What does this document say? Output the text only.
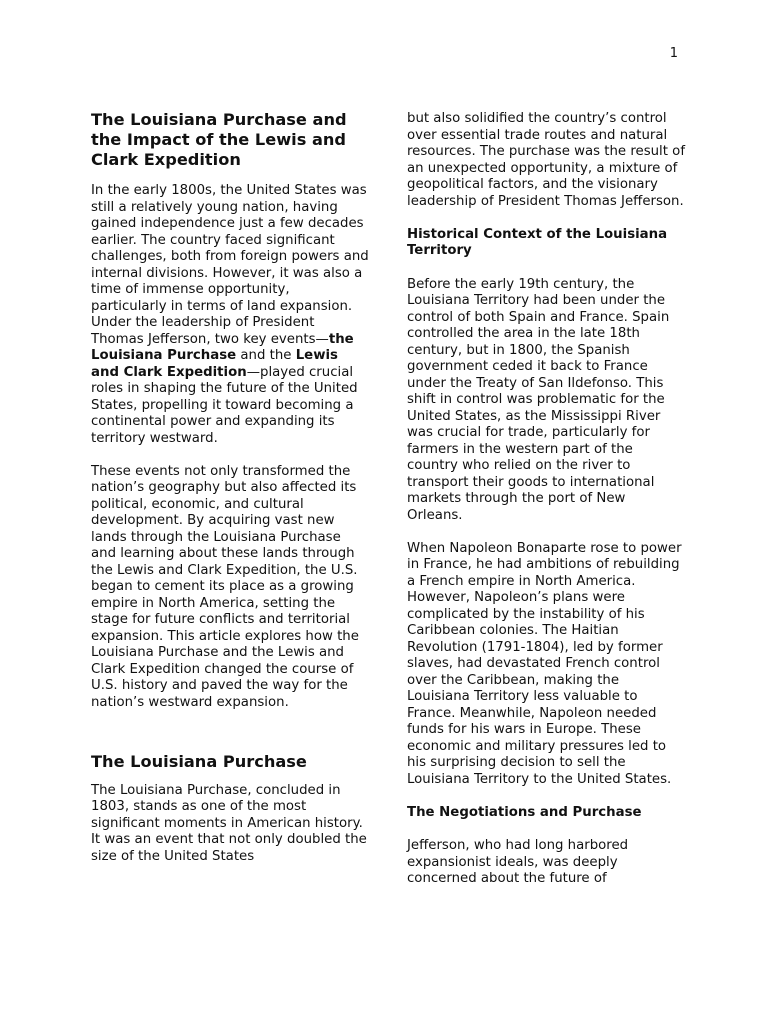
1
The Louisiana Purchase and the Impact of the Lewis and Clark Expedition

In the early 1800s, the United States was still a relatively young nation, having gained independence just a few decades earlier. The country faced significant challenges, both from foreign powers and internal divisions. However, it was also a time of immense opportunity, particularly in terms of land expansion. Under the leadership of President Thomas Jefferson, two key events—the Louisiana Purchase and the Lewis and Clark Expedition—played crucial roles in shaping the future of the United States, propelling it toward becoming a continental power and expanding its territory westward.

These events not only transformed the nation’s geography but also affected its political, economic, and cultural development. By acquiring vast new lands through the Louisiana Purchase and learning about these lands through the Lewis and Clark Expedition, the U.S. began to cement its place as a growing empire in North America, setting the stage for future conflicts and territorial expansion. This article explores how the Louisiana Purchase and the Lewis and Clark Expedition changed the course of U.S. history and paved the way for the nation’s westward expansion.

The Louisiana Purchase

The Louisiana Purchase, concluded in 1803, stands as one of the most significant moments in American history. It was an event that not only doubled the size of the United States

but also solidified the country’s control over essential trade routes and natural resources. The purchase was the result of an unexpected opportunity, a mixture of geopolitical factors, and the visionary leadership of President Thomas Jefferson.

Historical Context of the Louisiana Territory

Before the early 19th century, the Louisiana Territory had been under the control of both Spain and France. Spain controlled the area in the late 18th century, but in 1800, the Spanish government ceded it back to France under the Treaty of San Ildefonso. This shift in control was problematic for the United States, as the Mississippi River was crucial for trade, particularly for farmers in the western part of the country who relied on the river to transport their goods to international markets through the port of New Orleans.

When Napoleon Bonaparte rose to power in France, he had ambitions of rebuilding a French empire in North America. However, Napoleon’s plans were complicated by the instability of his Caribbean colonies. The Haitian Revolution (1791-1804), led by former slaves, had devastated French control over the Caribbean, making the Louisiana Territory less valuable to France. Meanwhile, Napoleon needed funds for his wars in Europe. These economic and military pressures led to his surprising decision to sell the Louisiana Territory to the United States.

The Negotiations and Purchase

Jefferson, who had long harbored expansionist ideals, was deeply concerned about the future of
